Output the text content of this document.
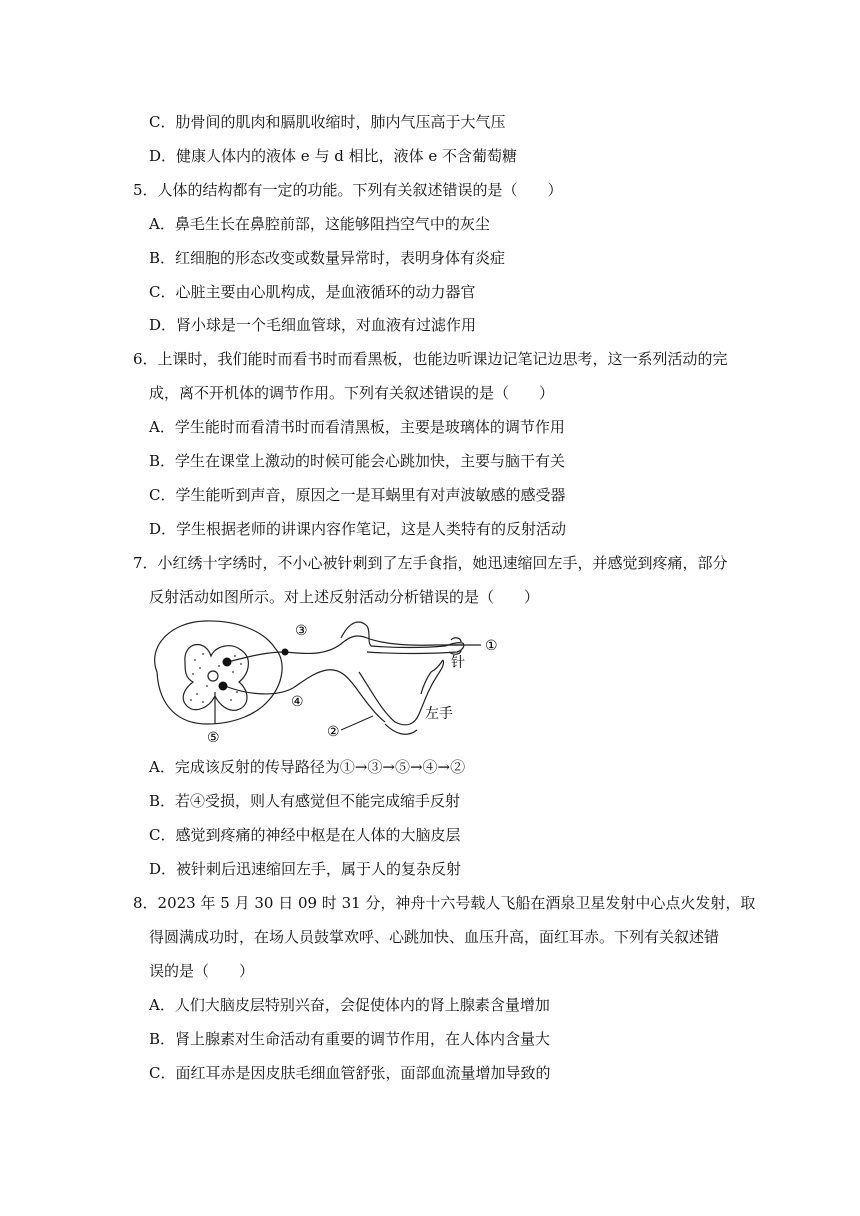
C．肋骨间的肌肉和膈肌收缩时，肺内气压高于大气压
D．健康人体内的液体 e 与 d 相比，液体 e 不含葡萄糖
5．人体的结构都有一定的功能。下列有关叙述错误的是（　　）
A．鼻毛生长在鼻腔前部，这能够阻挡空气中的灰尘
B．红细胞的形态改变或数量异常时，表明身体有炎症
C．心脏主要由心肌构成，是血液循环的动力器官
D．肾小球是一个毛细血管球，对血液有过滤作用
6．上课时，我们能时而看书时而看黑板，也能边听课边记笔记边思考，这一系列活动的完
成，离不开机体的调节作用。下列有关叙述错误的是（　　）
A．学生能时而看清书时而看清黑板，主要是玻璃体的调节作用
B．学生在课堂上激动的时候可能会心跳加快，主要与脑干有关
C．学生能听到声音，原因之一是耳蜗里有对声波敏感的感受器
D．学生根据老师的讲课内容作笔记，这是人类特有的反射活动
7．小红绣十字绣时，不小心被针刺到了左手食指，她迅速缩回左手，并感觉到疼痛，部分
反射活动如图所示。对上述反射活动分析错误的是（　　）
③
①
针
④
②
左手
⑤
A．完成该反射的传导路径为①→③→⑤→④→②
B．若④受损，则人有感觉但不能完成缩手反射
C．感觉到疼痛的神经中枢是在人体的大脑皮层
D．被针刺后迅速缩回左手，属于人的复杂反射
8．2023 年 5 月 30 日 09 时 31 分，神舟十六号载人飞船在酒泉卫星发射中心点火发射，取
得圆满成功时，在场人员鼓掌欢呼、心跳加快、血压升高，面红耳赤。下列有关叙述错
误的是（　　）
A．人们大脑皮层特别兴奋，会促使体内的肾上腺素含量增加
B．肾上腺素对生命活动有重要的调节作用，在人体内含量大
C．面红耳赤是因皮肤毛细血管舒张，面部血流量增加导致的
